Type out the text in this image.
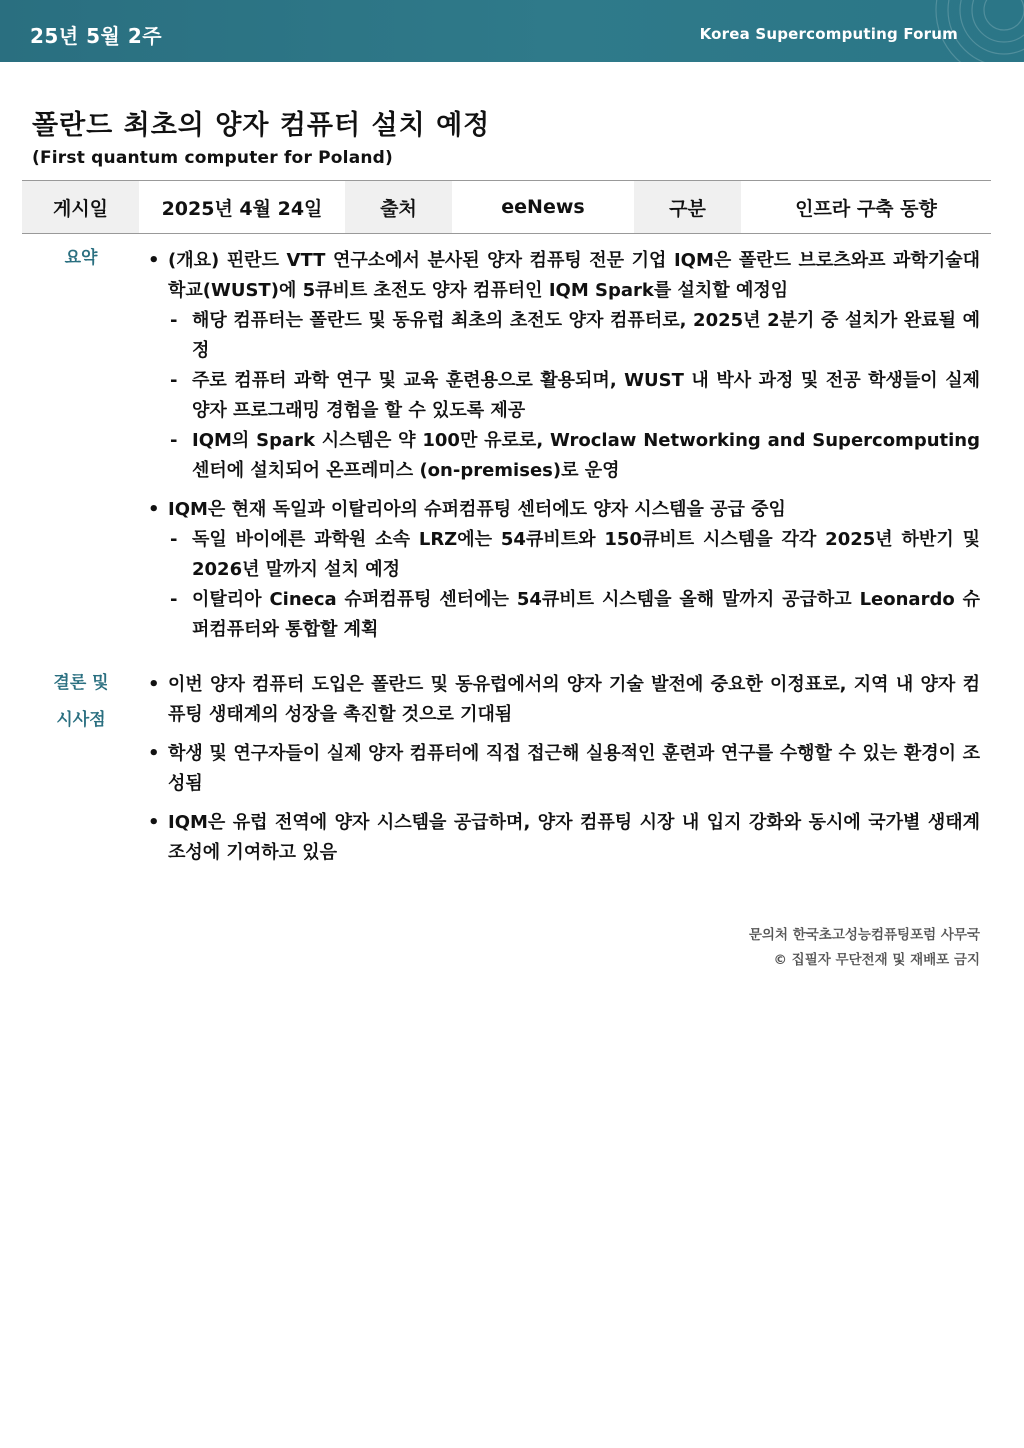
25년 5월 2주	Korea Supercomputing Forum
폴란드 최초의 양자 컴퓨터 설치 예정
(First quantum computer for Poland)
게시일	2025년 4월 24일	출처	eeNews	구분	인프라 구축 동향
요약	• (개요) 핀란드 VTT 연구소에서 분사된 양자 컴퓨팅 전문 기업 IQM은 폴란드 브로츠와프 과학기술대학교(WUST)에 5큐비트 초전도 양자 컴퓨터인 IQM Spark를 설치할 예정임
- 해당 컴퓨터는 폴란드 및 동유럽 최초의 초전도 양자 컴퓨터로, 2025년 2분기 중 설치가 완료될 예정
- 주로 컴퓨터 과학 연구 및 교육 훈련용으로 활용되며, WUST 내 박사 과정 및 전공 학생들이 실제 양자 프로그래밍 경험을 할 수 있도록 제공
- IQM의 Spark 시스템은 약 100만 유로로, Wroclaw Networking and Supercomputing 센터에 설치되어 온프레미스 (on-premises)로 운영
• IQM은 현재 독일과 이탈리아의 슈퍼컴퓨팅 센터에도 양자 시스템을 공급 중임
- 독일 바이에른 과학원 소속 LRZ에는 54큐비트와 150큐비트 시스템을 각각 2025년 하반기 및 2026년 말까지 설치 예정
- 이탈리아 Cineca 슈퍼컴퓨팅 센터에는 54큐비트 시스템을 올해 말까지 공급하고 Leonardo 슈퍼컴퓨터와 통합할 계획
결론 및
시사점
• 이번 양자 컴퓨터 도입은 폴란드 및 동유럽에서의 양자 기술 발전에 중요한 이정표로, 지역 내 양자 컴퓨팅 생태계의 성장을 촉진할 것으로 기대됨
• 학생 및 연구자들이 실제 양자 컴퓨터에 직접 접근해 실용적인 훈련과 연구를 수행할 수 있는 환경이 조성됨
• IQM은 유럽 전역에 양자 시스템을 공급하며, 양자 컴퓨팅 시장 내 입지 강화와 동시에 국가별 생태계 조성에 기여하고 있음
문의처 한국초고성능컴퓨팅포럼 사무국
© 집필자 무단전재 및 재배포 금지
